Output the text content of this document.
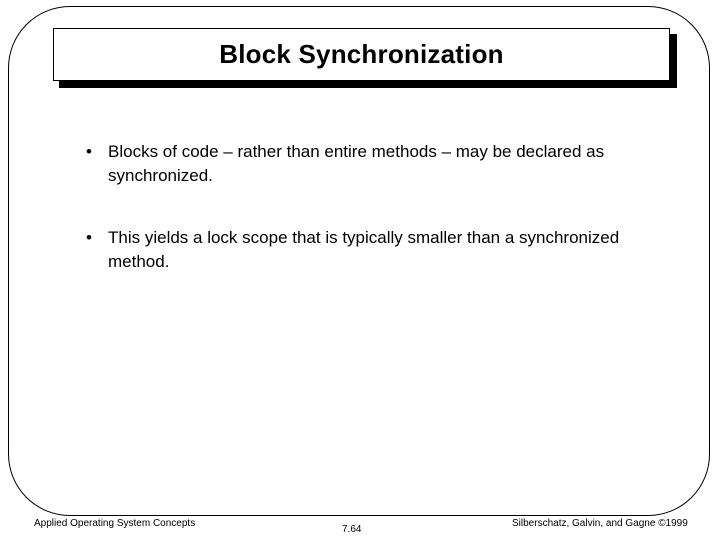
Block Synchronization
• Blocks of code – rather than entire methods – may be declared as synchronized.
• This yields a lock scope that is typically smaller than a synchronized method.
Applied Operating System Concepts
7.64
Silberschatz, Galvin, and Gagne ©1999
